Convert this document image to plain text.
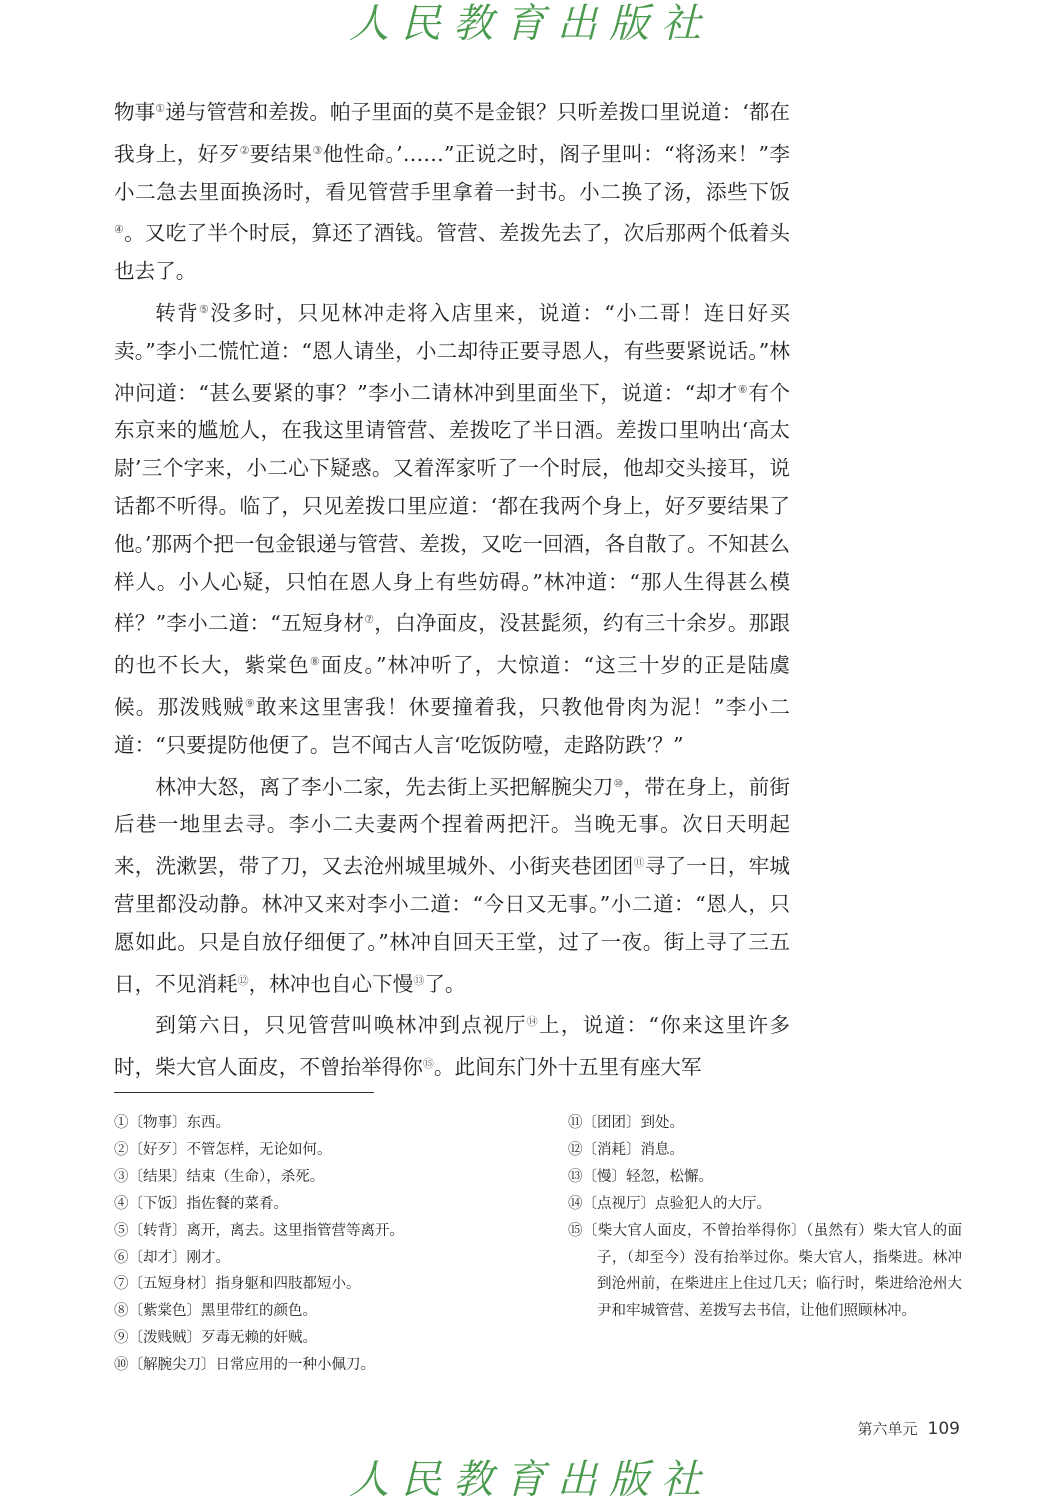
人民教育出版社

物事①递与管营和差拨。帕子里面的莫不是金银？只听差拨口里说道：‘都在我身上，好歹②要结果③他性命。’……”正说之时，阁子里叫：“将汤来！”李小二急去里面换汤时，看见管营手里拿着一封书。小二换了汤，添些下饭④。又吃了半个时辰，算还了酒钱。管营、差拨先去了，次后那两个低着头也去了。

转背⑤没多时，只见林冲走将入店里来，说道：“小二哥！连日好买卖。”李小二慌忙道：“恩人请坐，小二却待正要寻恩人，有些要紧说话。”林冲问道：“甚么要紧的事？”李小二请林冲到里面坐下，说道：“却才⑥有个东京来的尴尬人，在我这里请管营、差拨吃了半日酒。差拨口里呐出‘高太尉’三个字来，小二心下疑惑。又着浑家听了一个时辰，他却交头接耳，说话都不听得。临了，只见差拨口里应道：‘都在我两个身上，好歹要结果了他。’那两个把一包金银递与管营、差拨，又吃一回酒，各自散了。不知甚么样人。小人心疑，只怕在恩人身上有些妨碍。”林冲道：“那人生得甚么模样？”李小二道：“五短身材⑦，白净面皮，没甚髭须，约有三十余岁。那跟的也不长大，紫棠色⑧面皮。”林冲听了，大惊道：“这三十岁的正是陆虞候。那泼贱贼⑨敢来这里害我！休要撞着我，只教他骨肉为泥！”李小二道：“只要提防他便了。岂不闻古人言‘吃饭防噎，走路防跌’？”

林冲大怒，离了李小二家，先去街上买把解腕尖刀⑩，带在身上，前街后巷一地里去寻。李小二夫妻两个捏着两把汗。当晚无事。次日天明起来，洗漱罢，带了刀，又去沧州城里城外、小街夹巷团团⑪寻了一日，牢城营里都没动静。林冲又来对李小二道：“今日又无事。”小二道：“恩人，只愿如此。只是自放仔细便了。”林冲自回天王堂，过了一夜。街上寻了三五日，不见消耗⑫，林冲也自心下慢⑬了。

到第六日，只见管营叫唤林冲到点视厅⑭上，说道：“你来这里许多时，柴大官人面皮，不曾抬举得你⑮。此间东门外十五里有座大军

①〔物事〕东西。
②〔好歹〕不管怎样，无论如何。
③〔结果〕结束（生命），杀死。
④〔下饭〕指佐餐的菜肴。
⑤〔转背〕离开，离去。这里指管营等离开。
⑥〔却才〕刚才。
⑦〔五短身材〕指身躯和四肢都短小。
⑧〔紫棠色〕黑里带红的颜色。
⑨〔泼贱贼〕歹毒无赖的奸贼。
⑩〔解腕尖刀〕日常应用的一种小佩刀。
⑪〔团团〕到处。
⑫〔消耗〕消息。
⑬〔慢〕轻忽，松懈。
⑭〔点视厅〕点验犯人的大厅。
⑮〔柴大官人面皮，不曾抬举得你〕（虽然有）柴大官人的面子，（却至今）没有抬举过你。柴大官人，指柴进。林冲到沧州前，在柴进庄上住过几天；临行时，柴进给沧州大尹和牢城管营、差拨写去书信，让他们照顾林冲。
第六单元 109
人民教育出版社
